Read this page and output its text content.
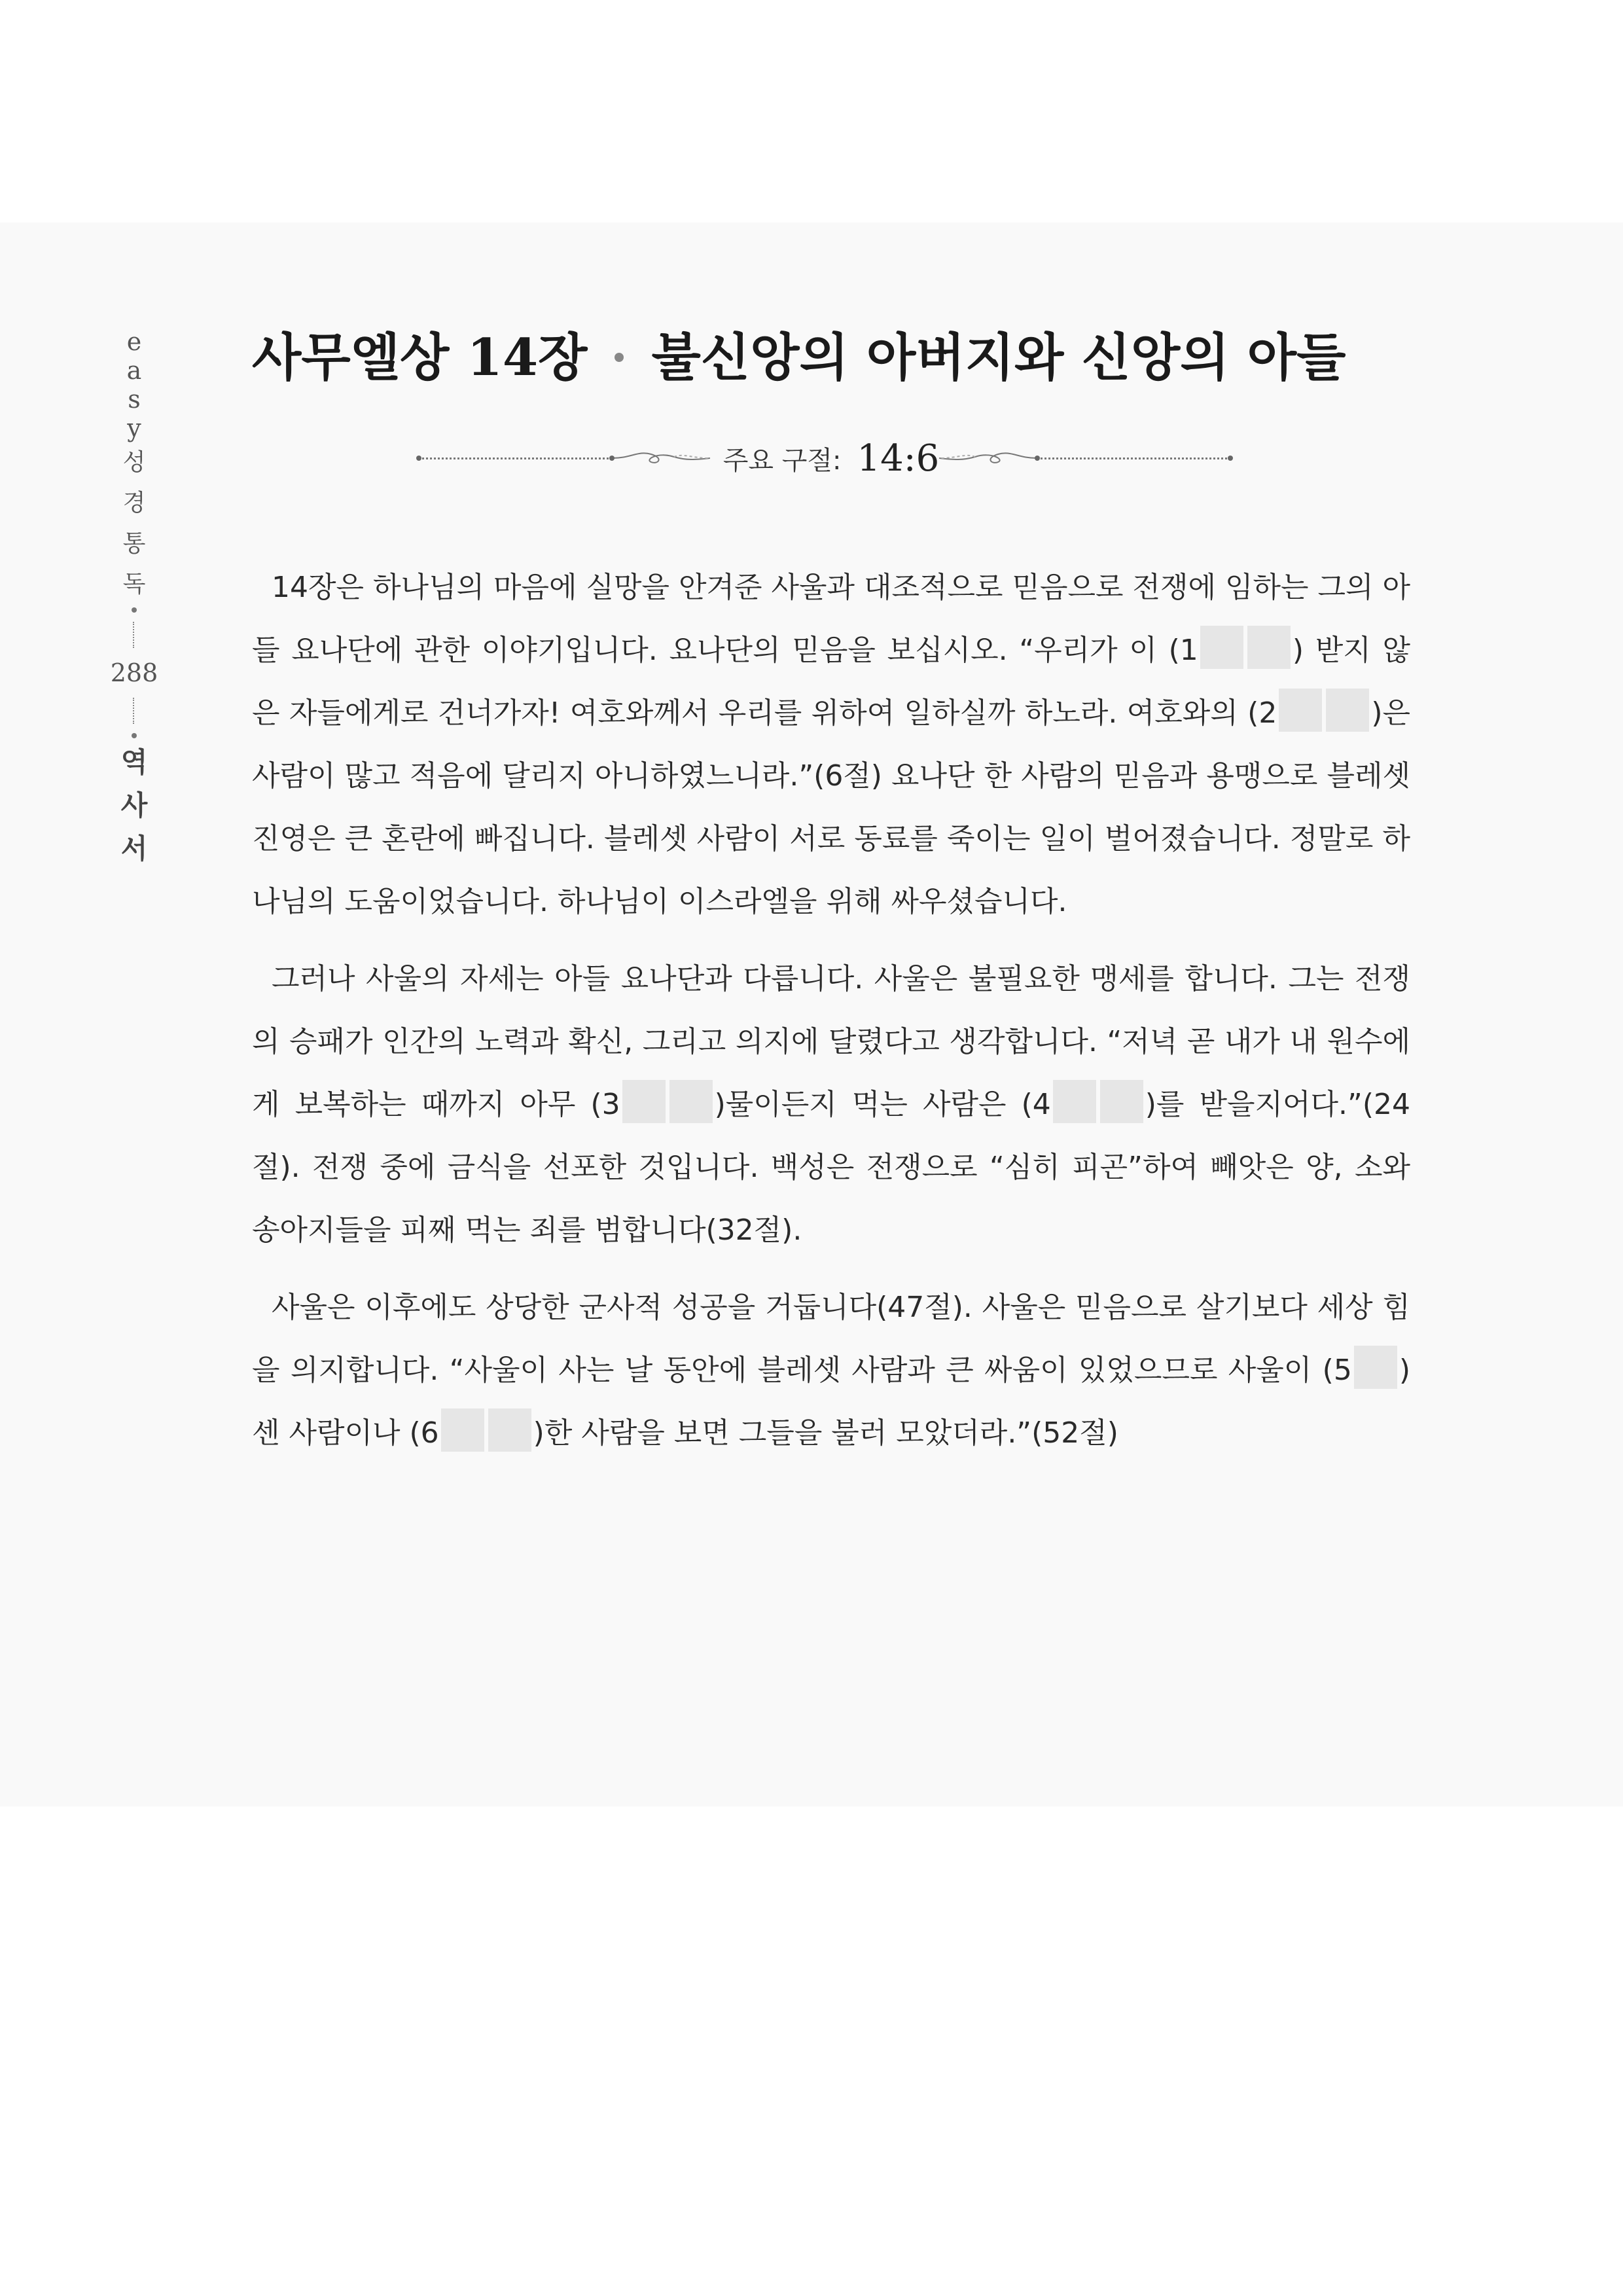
e
a
s
y
성
경
통
독
288
역
사
서
사무엘상 14장 불신앙의 아버지와 신앙의 아들
주요 구절: 14:6

14장은 하나님의 마음에 실망을 안겨준 사울과 대조적으로 믿음으로 전쟁에 임하는 그의 아들 요나단에 관한 이야기입니다. 요나단의 믿음을 보십시오. “우리가 이 (1	) 받지 않은 자들에게로 건너가자! 여호와께서 우리를 위하여 일하실까 하노라. 여호와의 (2	)은 사람이 많고 적음에 달리지 아니하였느니라.”(6절) 요나단 한 사람의 믿음과 용맹으로 블레셋 진영은 큰 혼란에 빠집니다. 블레셋 사람이 서로 동료를 죽이는 일이 벌어졌습니다. 정말로 하나님의 도움이었습니다. 하나님이 이스라엘을 위해 싸우셨습니다.

그러나 사울의 자세는 아들 요나단과 다릅니다. 사울은 불필요한 맹세를 합니다. 그는 전쟁의 승패가 인간의 노력과 확신, 그리고 의지에 달렸다고 생각합니다. “저녁 곧 내가 내 원수에게 보복하는 때까지 아무 (3	)물이든지 먹는 사람은 (4	)를 받을지어다.”(24절). 전쟁 중에 금식을 선포한 것입니다. 백성은 전쟁으로 “심히 피곤”하여 빼앗은 양, 소와 송아지들을 피째 먹는 죄를 범합니다(32절).

사울은 이후에도 상당한 군사적 성공을 거둡니다(47절). 사울은 믿음으로 살기보다 세상 힘을 의지합니다. “사울이 사는 날 동안에 블레셋 사람과 큰 싸움이 있었으므로 사울이 (5 ) 센 사람이나 (6	)한 사람을 보면 그들을 불러 모았더라.”(52절)
